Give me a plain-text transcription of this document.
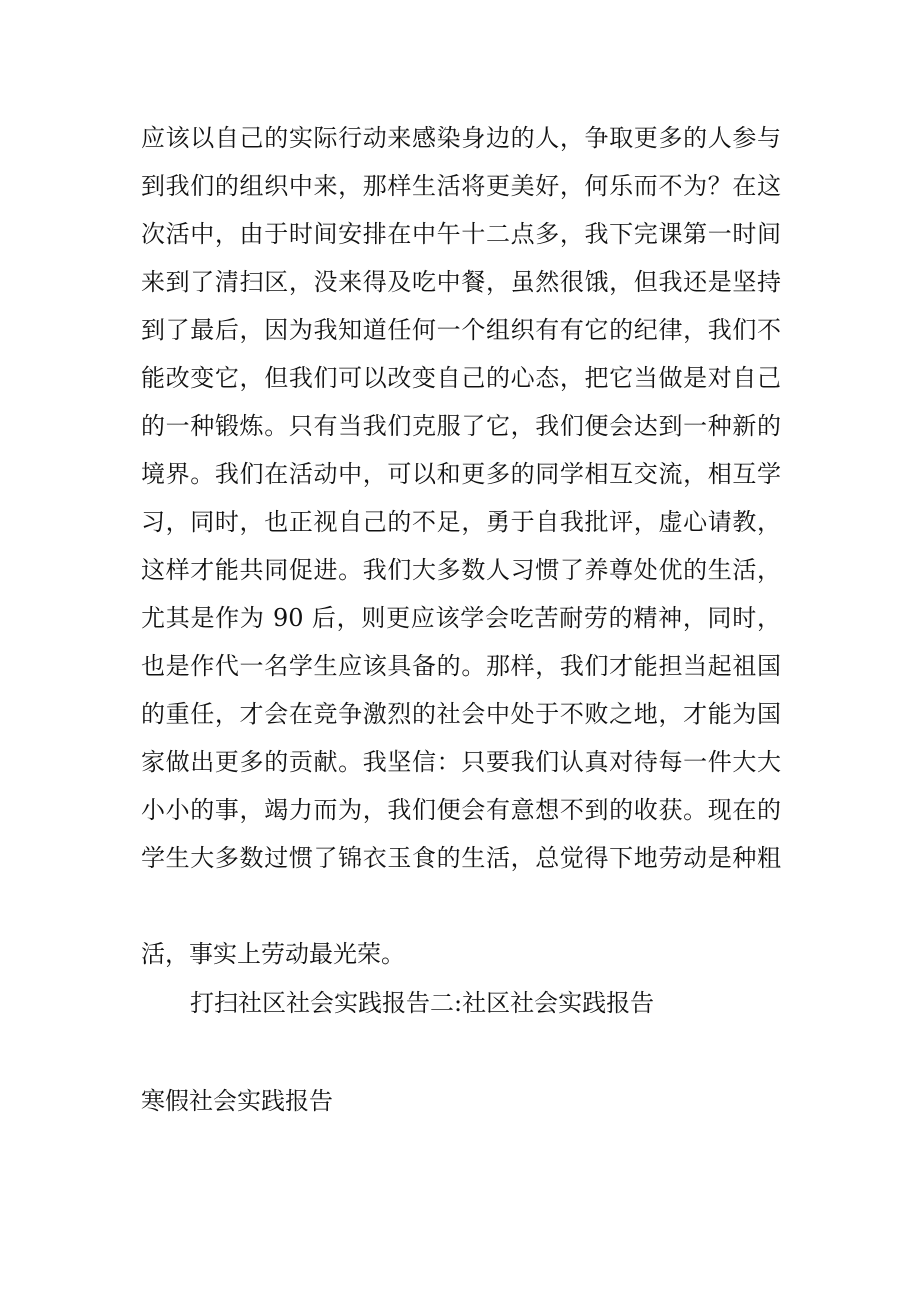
应该以自己的实际行动来感染身边的人，争取更多的人参与
到我们的组织中来，那样生活将更美好，何乐而不为？在这
次活中，由于时间安排在中午十二点多，我下完课第一时间
来到了清扫区，没来得及吃中餐，虽然很饿，但我还是坚持
到了最后，因为我知道任何一个组织有有它的纪律，我们不
能改变它，但我们可以改变自己的心态，把它当做是对自己
的一种锻炼。只有当我们克服了它，我们便会达到一种新的
境界。我们在活动中，可以和更多的同学相互交流，相互学
习，同时，也正视自己的不足，勇于自我批评，虚心请教，
这样才能共同促进。我们大多数人习惯了养尊处优的生活，
尤其是作为 90 后，则更应该学会吃苦耐劳的精神，同时，
也是作代一名学生应该具备的。那样，我们才能担当起祖国
的重任，才会在竞争激烈的社会中处于不败之地，才能为国
家做出更多的贡献。我坚信：只要我们认真对待每一件大大
小小的事，竭力而为，我们便会有意想不到的收获。现在的
学生大多数过惯了锦衣玉食的生活，总觉得下地劳动是种粗
活，事实上劳动最光荣。
打扫社区社会实践报告二:社区社会实践报告
寒假社会实践报告
